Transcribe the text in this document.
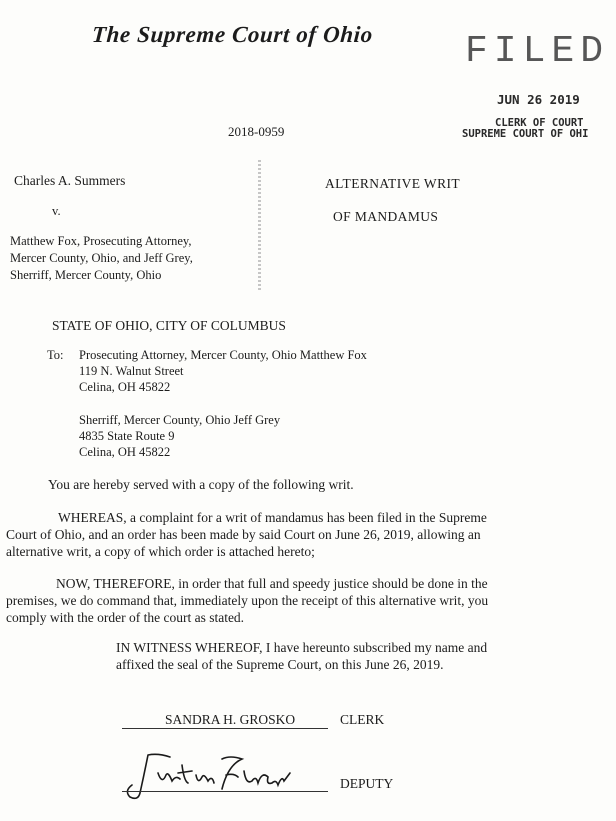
The Supreme Court of Ohio FILED
JUN 26 2019
CLERK OF COURT
SUPREME COURT OF OHI
2018-0959
Charles A. Summers
v.
Matthew Fox, Prosecuting Attorney,
Mercer County, Ohio, and Jeff Grey,
Sherriff, Mercer County, Ohio
ALTERNATIVE WRIT
OF MANDAMUS
STATE OF OHIO, CITY OF COLUMBUS
To: Prosecuting Attorney, Mercer County, Ohio Matthew Fox
119 N. Walnut Street
Celina, OH 45822
Sherriff, Mercer County, Ohio Jeff Grey
4835 State Route 9
Celina, OH 45822
You are hereby served with a copy of the following writ.
WHEREAS, a complaint for a writ of mandamus has been filed in the Supreme
Court of Ohio, and an order has been made by said Court on June 26, 2019, allowing an
alternative writ, a copy of which order is attached hereto;
NOW, THEREFORE, in order that full and speedy justice should be done in the
premises, we do command that, immediately upon the receipt of this alternative writ, you
comply with the order of the court as stated.
IN WITNESS WHEREOF, I have hereunto subscribed my name and
affixed the seal of the Supreme Court, on this June 26, 2019.
SANDRA H. GROSKO	CLERK
DEPUTY
